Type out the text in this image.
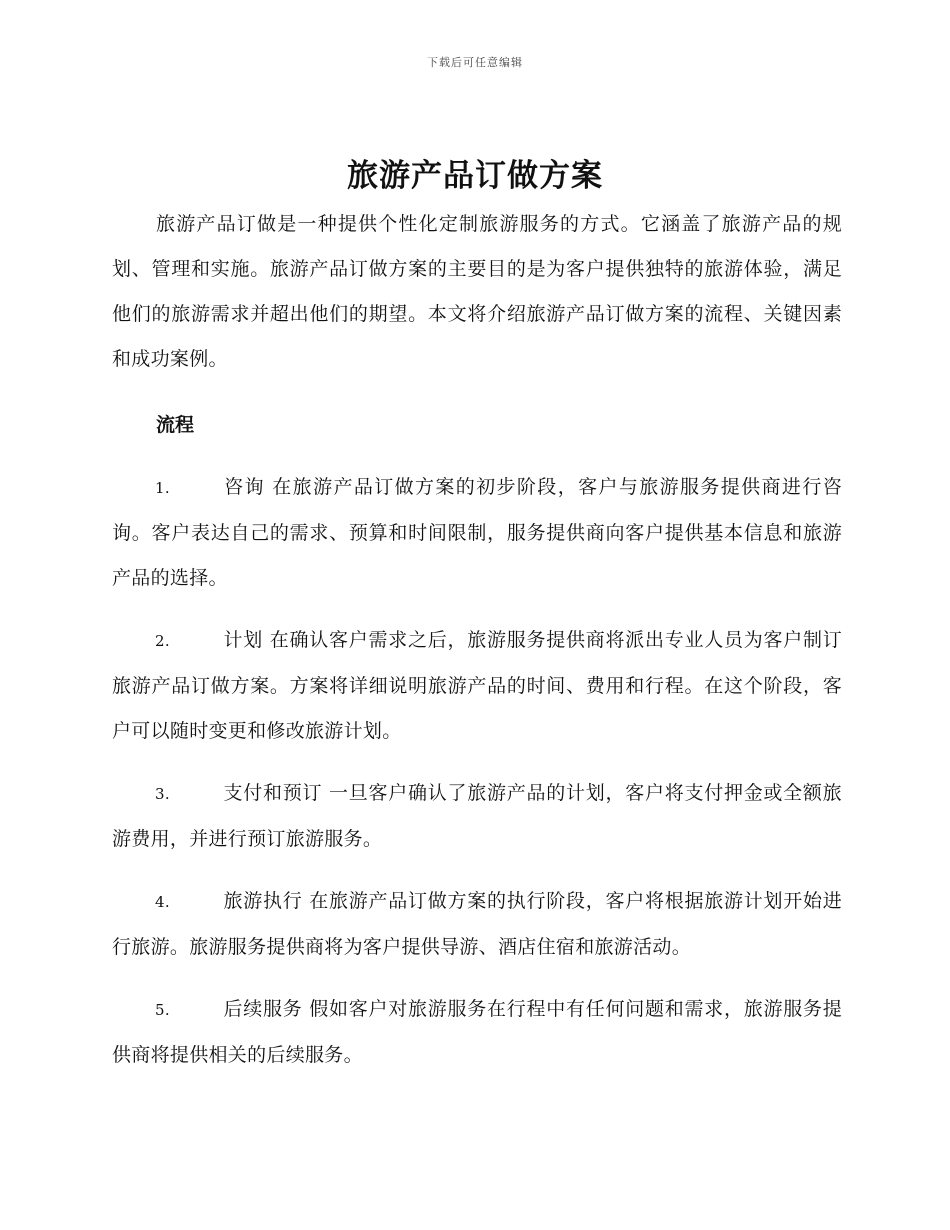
下载后可任意编辑
旅游产品订做方案

旅游产品订做是一种提供个性化定制旅游服务的方式。它涵盖了旅游产品的规划、管理和实施。旅游产品订做方案的主要目的是为客户提供独特的旅游体验，满足他们的旅游需求并超出他们的期望。本文将介绍旅游产品订做方案的流程、关键因素和成功案例。

流程

1.	咨询 在旅游产品订做方案的初步阶段，客户与旅游服务提供商进行咨询。客户表达自己的需求、预算和时间限制，服务提供商向客户提供基本信息和旅游产品的选择。

2.	计划 在确认客户需求之后，旅游服务提供商将派出专业人员为客户制订旅游产品订做方案。方案将详细说明旅游产品的时间、费用和行程。在这个阶段，客户可以随时变更和修改旅游计划。

3.	支付和预订 一旦客户确认了旅游产品的计划，客户将支付押金或全额旅游费用，并进行预订旅游服务。

4.	旅游执行 在旅游产品订做方案的执行阶段，客户将根据旅游计划开始进行旅游。旅游服务提供商将为客户提供导游、酒店住宿和旅游活动。

5.	后续服务 假如客户对旅游服务在行程中有任何问题和需求，旅游服务提供商将提供相关的后续服务。
